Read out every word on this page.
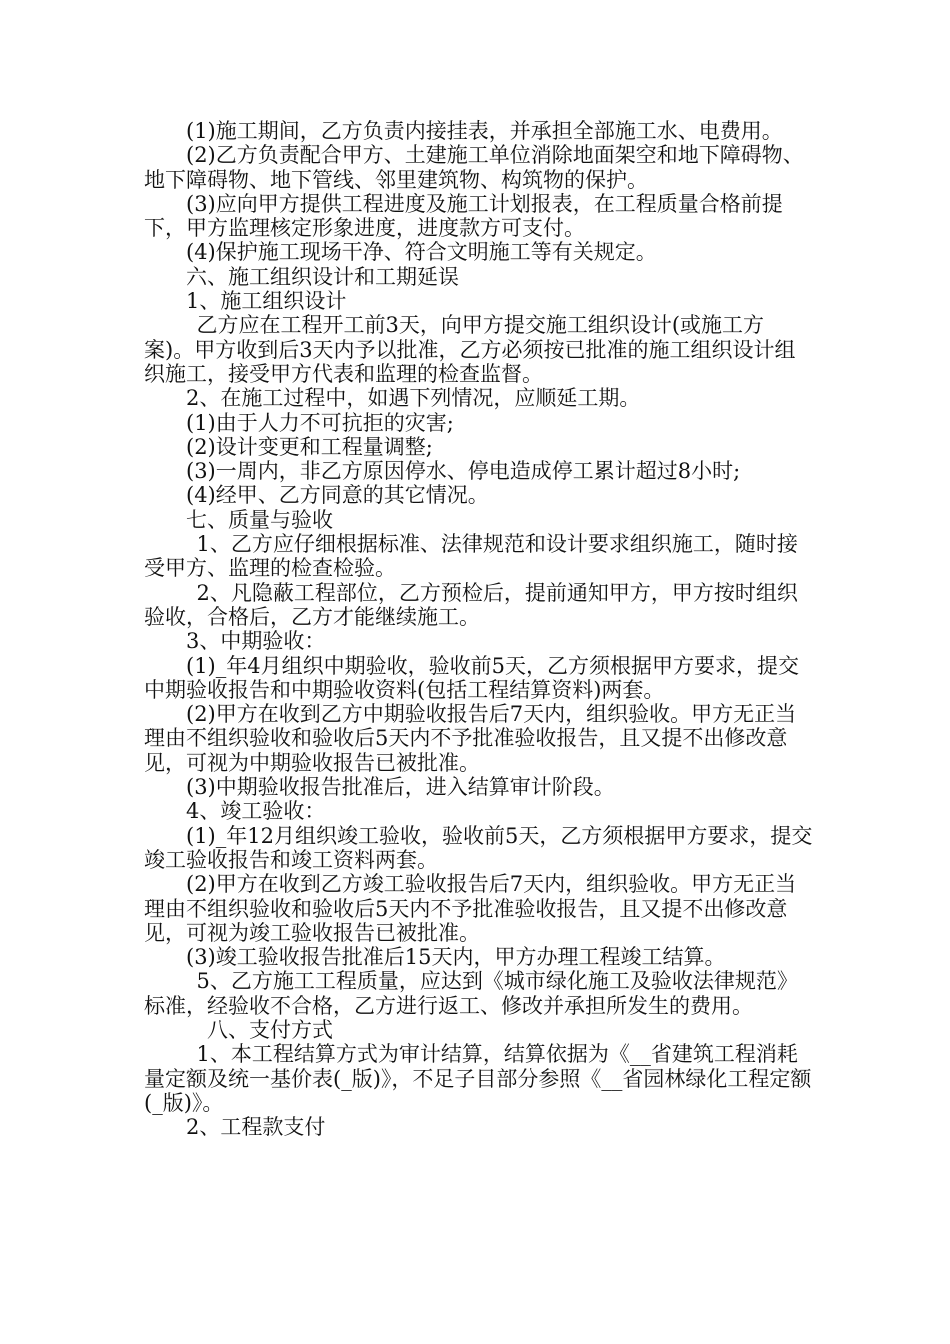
(1)施工期间，乙方负责内接挂表，并承担全部施工水、电费用。

(2)乙方负责配合甲方、土建施工单位消除地面架空和地下障碍物、地下障碍物、地下管线、邻里建筑物、构筑物的保护。

(3)应向甲方提供工程进度及施工计划报表，在工程质量合格前提下，甲方监理核定形象进度，进度款方可支付。

(4)保护施工现场干净、符合文明施工等有关规定。

六、施工组织设计和工期延误

1、施工组织设计

乙方应在工程开工前3天，向甲方提交施工组织设计(或施工方案)。甲方收到后3天内予以批准，乙方必须按已批准的施工组织设计组织施工，接受甲方代表和监理的检查监督。

2、在施工过程中，如遇下列情况，应顺延工期。

(1)由于人力不可抗拒的灾害;

(2)设计变更和工程量调整;

(3)一周内，非乙方原因停水、停电造成停工累计超过8小时;

(4)经甲、乙方同意的其它情况。

七、质量与验收

1、乙方应仔细根据标准、法律规范和设计要求组织施工，随时接受甲方、监理的检查检验。

2、凡隐蔽工程部位，乙方预检后，提前通知甲方，甲方按时组织验收，合格后，乙方才能继续施工。

3、中期验收：

(1)_年4月组织中期验收，验收前5天，乙方须根据甲方要求，提交中期验收报告和中期验收资料(包括工程结算资料)两套。

(2)甲方在收到乙方中期验收报告后7天内，组织验收。甲方无正当理由不组织验收和验收后5天内不予批准验收报告，且又提不出修改意见，可视为中期验收报告已被批准。

(3)中期验收报告批准后，进入结算审计阶段。

4、竣工验收：

(1)_年12月组织竣工验收，验收前5天，乙方须根据甲方要求，提交竣工验收报告和竣工资料两套。

(2)甲方在收到乙方竣工验收报告后7天内，组织验收。甲方无正当理由不组织验收和验收后5天内不予批准验收报告，且又提不出修改意见，可视为竣工验收报告已被批准。

(3)竣工验收报告批准后15天内，甲方办理工程竣工结算。

5、乙方施工工程质量，应达到《城市绿化施工及验收法律规范》标准，经验收不合格，乙方进行返工、修改并承担所发生的费用。

八、支付方式

1、本工程结算方式为审计结算，结算依据为《__省建筑工程消耗量定额及统一基价表(_版)》，不足子目部分参照《__省园林绿化工程定额(_版)》。

2、工程款支付
